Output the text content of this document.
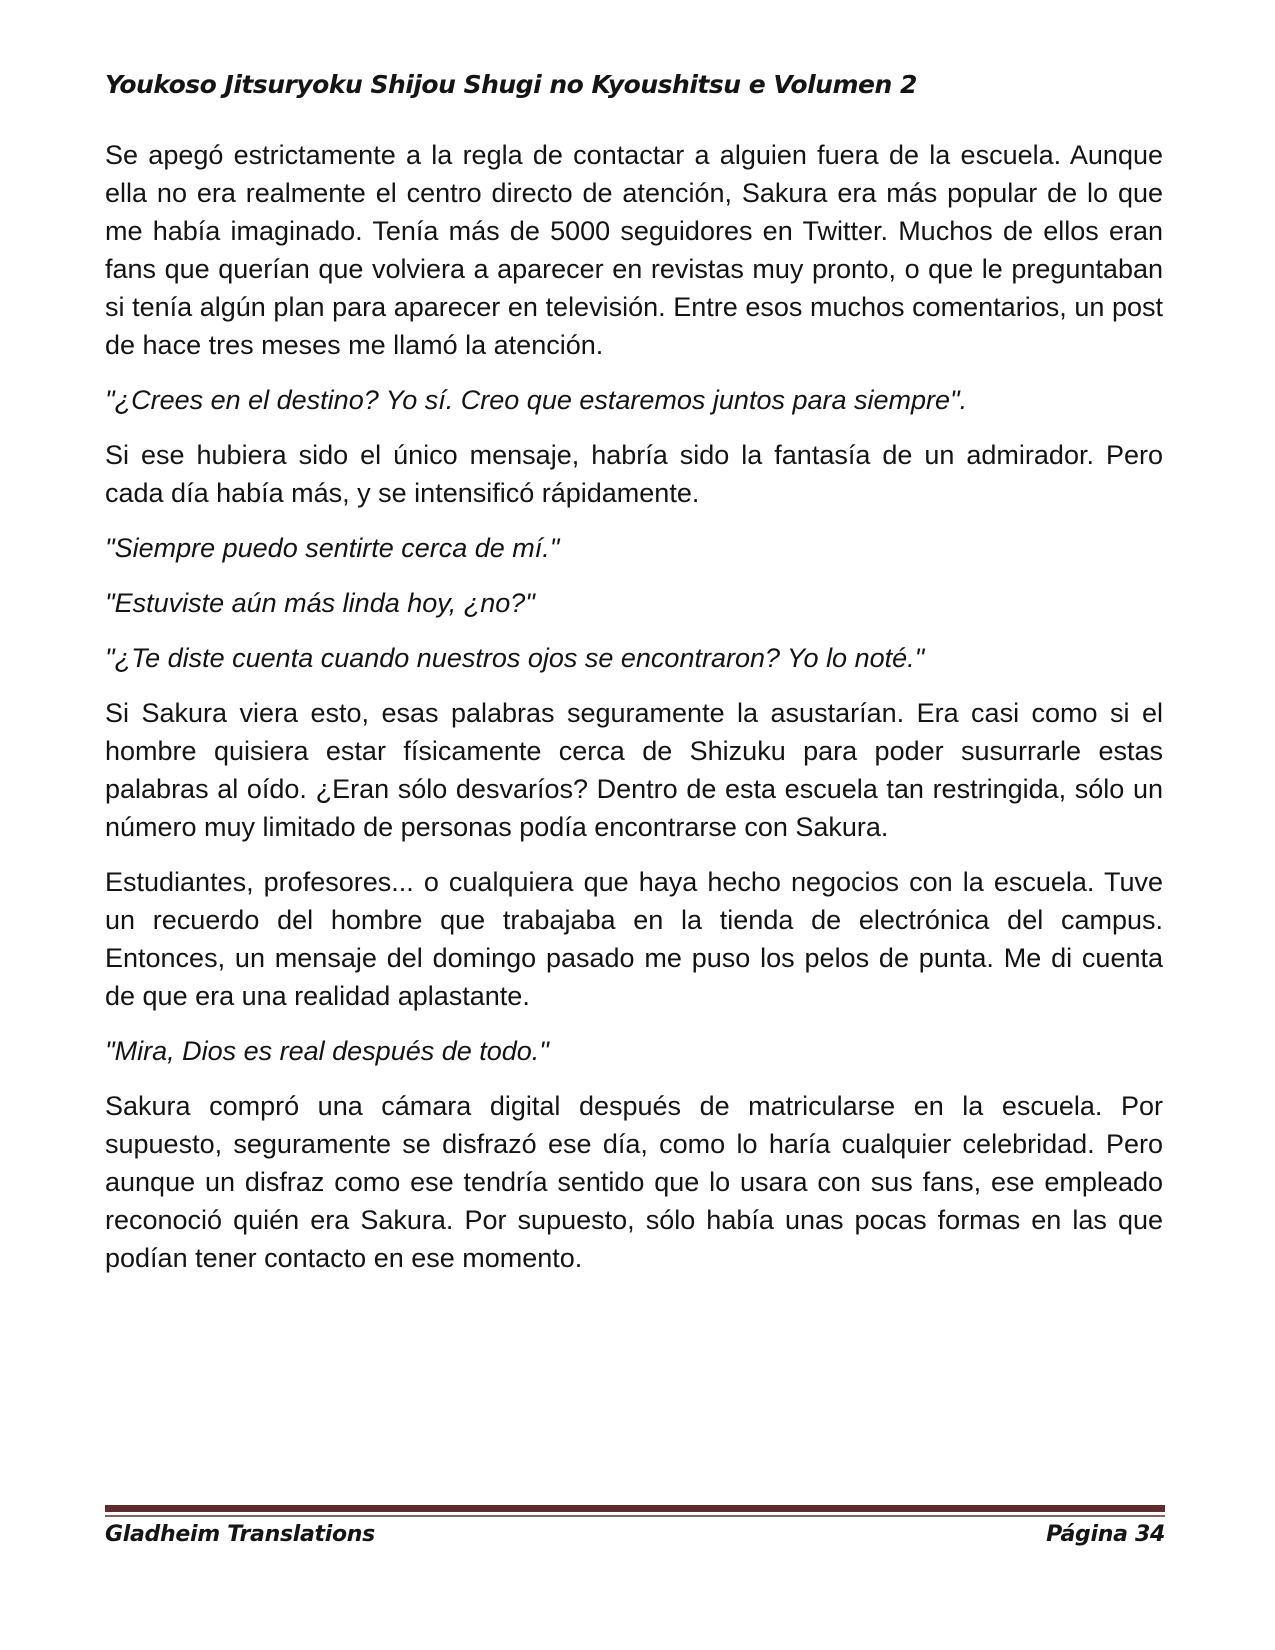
Youkoso Jitsuryoku Shijou Shugi no Kyoushitsu e Volumen 2

Se apegó estrictamente a la regla de contactar a alguien fuera de la escuela. Aunque ella no era realmente el centro directo de atención, Sakura era más popular de lo que me había imaginado. Tenía más de 5000 seguidores en Twitter. Muchos de ellos eran fans que querían que volviera a aparecer en revistas muy pronto, o que le preguntaban si tenía algún plan para aparecer en televisión. Entre esos muchos comentarios, un post de hace tres meses me llamó la atención.

"¿Crees en el destino? Yo sí. Creo que estaremos juntos para siempre".

Si ese hubiera sido el único mensaje, habría sido la fantasía de un admirador. Pero cada día había más, y se intensificó rápidamente.

"Siempre puedo sentirte cerca de mí."

"Estuviste aún más linda hoy, ¿no?"

"¿Te diste cuenta cuando nuestros ojos se encontraron? Yo lo noté."

Si Sakura viera esto, esas palabras seguramente la asustarían. Era casi como si el hombre quisiera estar físicamente cerca de Shizuku para poder susurrarle estas palabras al oído. ¿Eran sólo desvaríos? Dentro de esta escuela tan restringida, sólo un número muy limitado de personas podía encontrarse con Sakura.

Estudiantes, profesores... o cualquiera que haya hecho negocios con la escuela. Tuve un recuerdo del hombre que trabajaba en la tienda de electrónica del campus. Entonces, un mensaje del domingo pasado me puso los pelos de punta. Me di cuenta de que era una realidad aplastante.

"Mira, Dios es real después de todo."

Sakura compró una cámara digital después de matricularse en la escuela. Por supuesto, seguramente se disfrazó ese día, como lo haría cualquier celebridad. Pero aunque un disfraz como ese tendría sentido que lo usara con sus fans, ese empleado reconoció quién era Sakura. Por supuesto, sólo había unas pocas formas en las que podían tener contacto en ese momento.

Gladheim Translations	Página 34
